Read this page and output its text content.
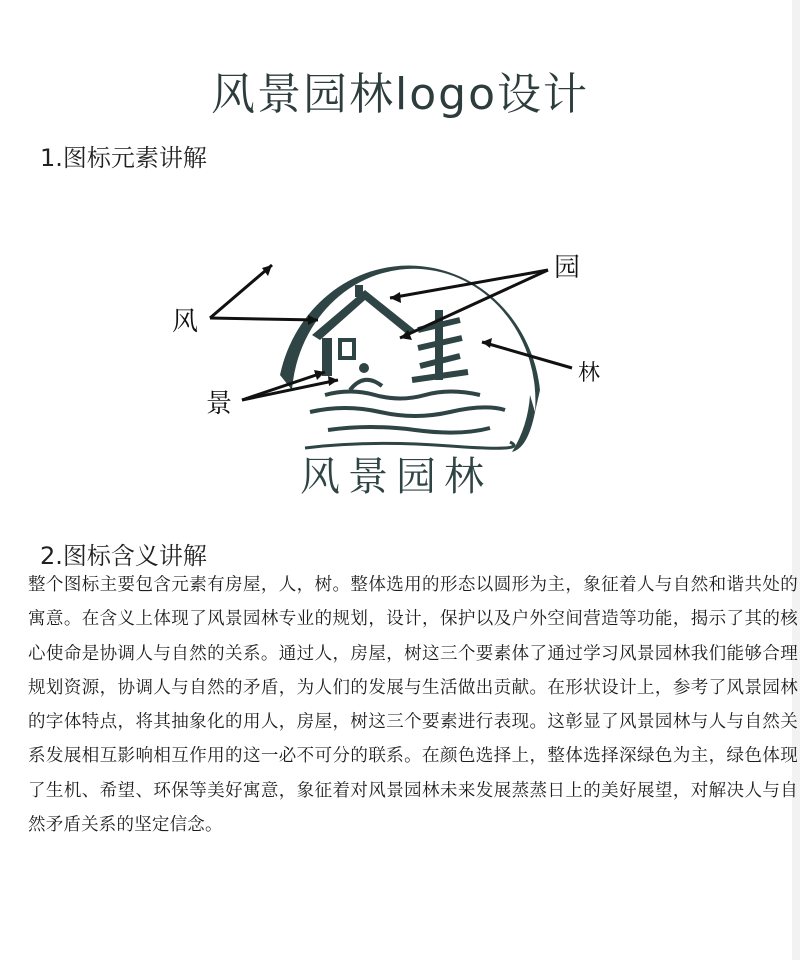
风景园林logo设计
1.图标元素讲解
风
景
园
林
风景园林
2.图标含义讲解
整个图标主要包含元素有房屋，人，树。整体选用的形态以圆形为主，象征着人与自然和谐共处的寓意。在含义上体现了风景园林专业的规划，设计，保护以及户外空间营造等功能，揭示了其的核心使命是协调人与自然的关系。通过人，房屋，树这三个要素体了通过学习风景园林我们能够合理规划资源，协调人与自然的矛盾，为人们的发展与生活做出贡献。在形状设计上，参考了风景园林的字体特点，将其抽象化的用人，房屋，树这三个要素进行表现。这彰显了风景园林与人与自然关系发展相互影响相互作用的这一必不可分的联系。在颜色选择上，整体选择深绿色为主，绿色体现了生机、希望、环保等美好寓意，象征着对风景园林未来发展蒸蒸日上的美好展望，对解决人与自然矛盾关系的坚定信念。
